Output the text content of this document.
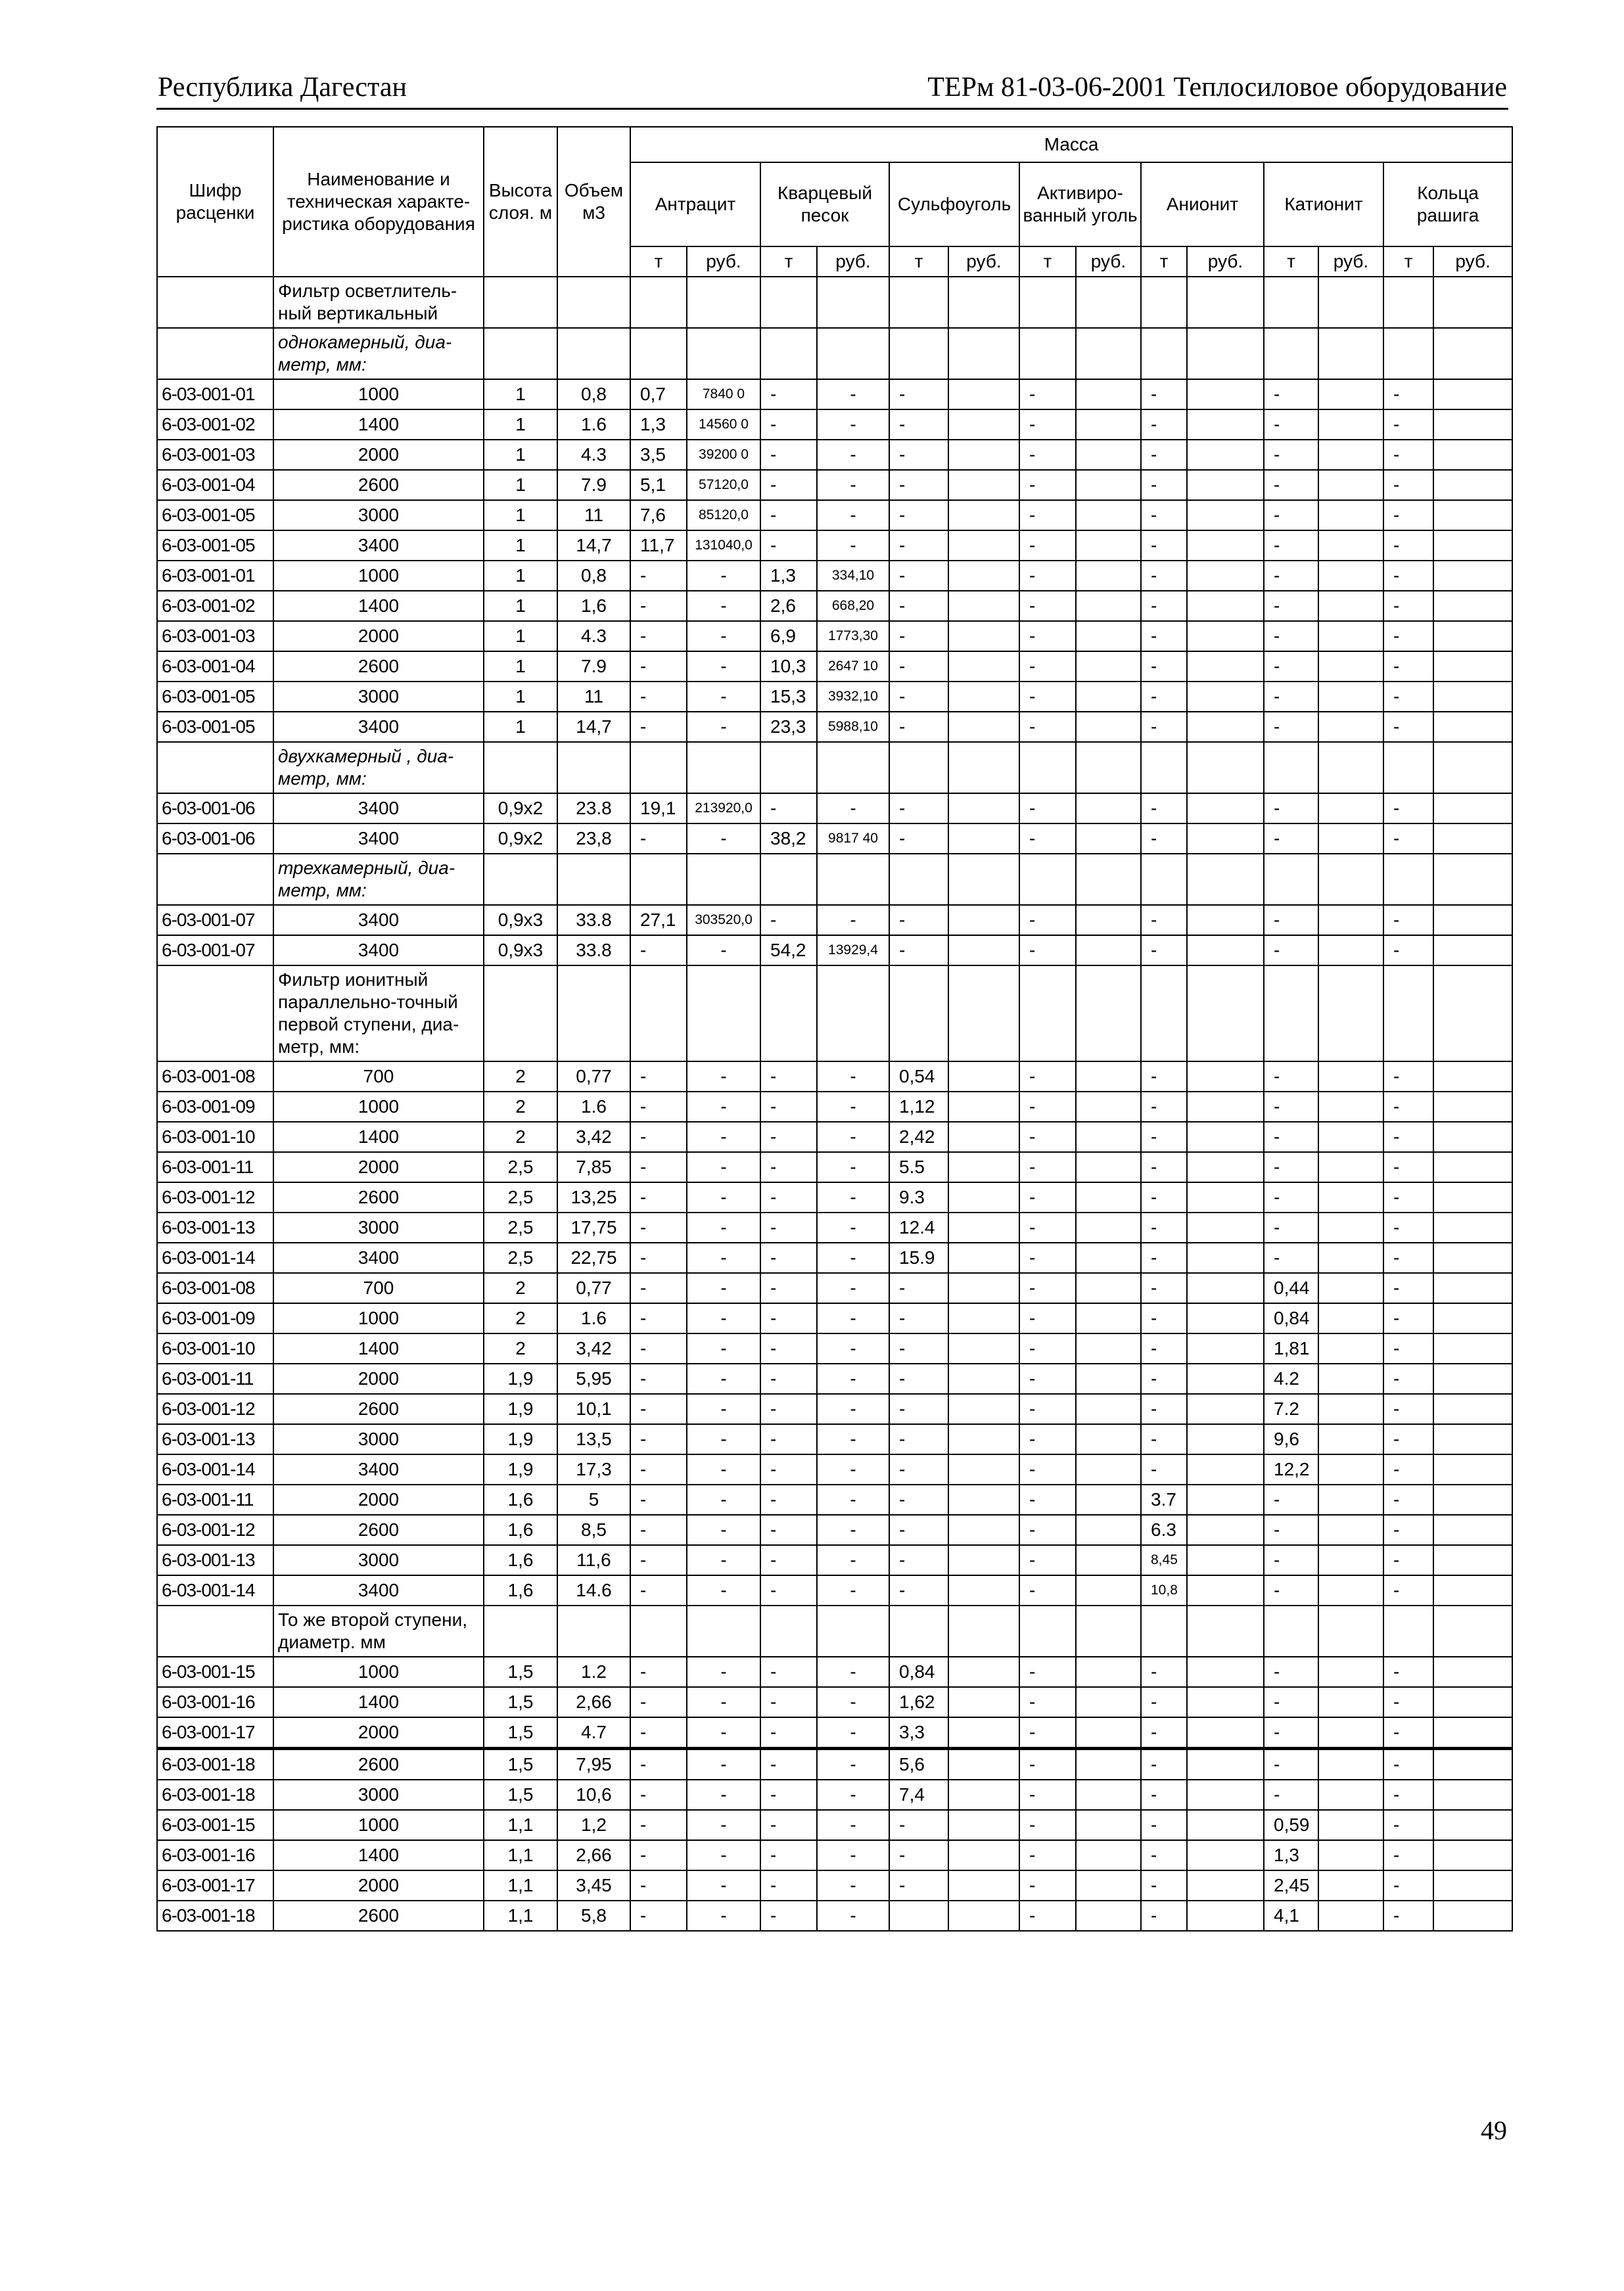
Республика Дагестан	ТЕРм 81-03-06-2001 Теплосиловое оборудование
Шифр расценки	Наименование и техническая характе- ристика оборудования	Высота слоя. м	Объем м3	Масса													
				Антрацит		Кварцевый песок		Сульфоуголь		Активиро- ванный уголь		Анионит		Катионит		Кольца рашига	
				т	руб.	т	руб.	т	руб.	т	руб.	т	руб.	т	руб.	т	руб.
	Фильтр осветлитель- ный вертикальный																
	однокамерный, диа- метр, мм:																
6-03-001-01	1000	1	0,8	0,7	7840 0	-	-	-		-		-		-		-	
6-03-001-02	1400	1	1.6	1,3	14560 0	-	-	-		-		-		-		-	
6-03-001-03	2000	1	4.3	3,5	39200 0	-	-	-		-		-		-		-	
6-03-001-04	2600	1	7.9	5,1	57120,0	-	-	-		-		-		-		-	
6-03-001-05	3000	1	11	7,6	85120,0	-	-	-		-		-		-		-	
6-03-001-05	3400	1	14,7	11,7	131040,0	-	-	-		-		-		-		-	
6-03-001-01	1000	1	0,8	-	-	1,3	334,10	-		-		-		-		-	
6-03-001-02	1400	1	1,6	-	-	2,6	668,20	-		-		-		-		-	
6-03-001-03	2000	1	4.3	-	-	6,9	1773,30	-		-		-		-		-	
6-03-001-04	2600	1	7.9	-	-	10,3	2647 10	-		-		-		-		-	
6-03-001-05	3000	1	11	-	-	15,3	3932,10	-		-		-		-		-	
6-03-001-05	3400	1	14,7	-	-	23,3	5988,10	-		-		-		-		-	
	двухкамерный , диа- метр, мм:																
6-03-001-06	3400	0,9x2	23.8	19,1	213920,0	-	-	-		-		-		-		-	
6-03-001-06	3400	0,9x2	23,8	-	-	38,2	9817 40	-		-		-		-		-	
	трехкамерный, диа- метр, мм:																
6-03-001-07	3400	0,9x3	33.8	27,1	303520,0	-	-	-		-		-		-		-	
6-03-001-07	3400	0,9x3	33.8	-	-	54,2	13929,4	-		-		-		-		-	
	Фильтр ионитный параллельно-точный первой ступени, диа- метр, мм:																
6-03-001-08	700	2	0,77	-	-	-	-	0,54		-		-		-		-	
6-03-001-09	1000	2	1.6	-	-	-	-	1,12		-		-		-		-	
6-03-001-10	1400	2	3,42	-	-	-	-	2,42		-		-		-		-	
6-03-001-11	2000	2,5	7,85	-	-	-	-	5.5		-		-		-		-	
6-03-001-12	2600	2,5	13,25	-	-	-	-	9.3		-		-		-		-	
6-03-001-13	3000	2,5	17,75	-	-	-	-	12.4		-		-		-		-	
6-03-001-14	3400	2,5	22,75	-	-	-	-	15.9		-		-		-		-	
6-03-001-08	700	2	0,77	-	-	-	-	-		-		-		0,44		-	
6-03-001-09	1000	2	1.6	-	-	-	-	-		-		-		0,84		-	
6-03-001-10	1400	2	3,42	-	-	-	-	-		-		-		1,81		-	
6-03-001-11	2000	1,9	5,95	-	-	-	-	-		-		-		4.2		-	
6-03-001-12	2600	1,9	10,1	-	-	-	-	-		-		-		7.2		-	
6-03-001-13	3000	1,9	13,5	-	-	-	-	-		-		-		9,6		-	
6-03-001-14	3400	1,9	17,3	-	-	-	-	-		-		-		12,2		-	
6-03-001-11	2000	1,6	5	-	-	-	-	-		-		3.7		-		-	
6-03-001-12	2600	1,6	8,5	-	-	-	-	-		-		6.3		-		-	
6-03-001-13	3000	1,6	11,6	-	-	-	-	-		-		8,45		-		-	
6-03-001-14	3400	1,6	14.6	-	-	-	-	-		-		10,8		-		-	
	То же второй ступени, диаметр. мм																
6-03-001-15	1000	1,5	1.2	-	-	-	-	0,84		-		-		-		-	
6-03-001-16	1400	1,5	2,66	-	-	-	-	1,62		-		-		-		-	
6-03-001-17	2000	1,5	4.7	-	-	-	-	3,3		-		-		-		-	
6-03-001-18	2600	1,5	7,95	-	-	-	-	5,6		-		-		-		-	
6-03-001-18	3000	1,5	10,6	-	-	-	-	7,4		-		-		-		-	
6-03-001-15	1000	1,1	1,2	-	-	-	-	-		-		-		0,59		-	
6-03-001-16	1400	1,1	2,66	-	-	-	-	-		-		-		1,3		-	
6-03-001-17	2000	1,1	3,45	-	-	-	-	-		-		-		2,45		-	
6-03-001-18	2600	1,1	5,8	-	-	-	-			-		-		4,1		-	
49
